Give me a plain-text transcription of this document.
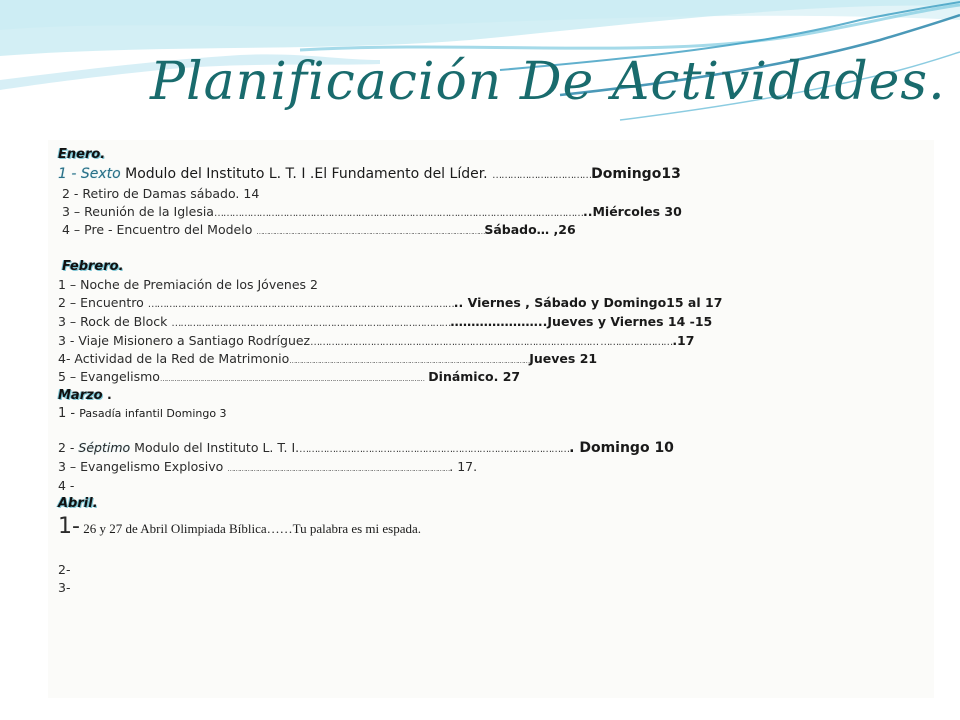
Planificación De Actividades.
Enero.
1 - Sexto Modulo del Instituto L. T. I .El Fundamento del Líder. ……………………………Domingo13
2 - Retiro de Damas sábado. 14
3 – Reunión de la Iglesia……………………………………………………………………………………………………………..Miércoles 30
4 – Pre - Encuentro del Modelo ……………………………………………………………………………………………………Sábado… ,26
Febrero.
1 – Noche de Premiación de los Jóvenes 2
2 – Encuentro ………………………………………………………………………………………….. Viernes , Sábado y Domingo15 al 17
3 – Rock de Block ……………………………………………………………………………………………………..Jueves y Viernes 14 -15
3 - Viaje Misionero a Santiago Rodríguez…………………………………………………………………………………… …………………….17
4- Actividad de la Red de Matrimonio…………………………………………………………………………………………………………Jueves 21
5 – Evangelismo…………………………………………………………………………………………………………………… Dinámico. 27
Marzo .
1 - Pasadía infantil Domingo 3
2 - Séptimo Modulo del Instituto L. T. I.………………………………………………………………………………. Domingo 10
3 – Evangelismo Explosivo …………………………………………………………………………………………………. 17.
4 -
Abril.
1- 26 y 27 de Abril Olimpiada Bíblica……Tu palabra es mi espada.
2-
3-
